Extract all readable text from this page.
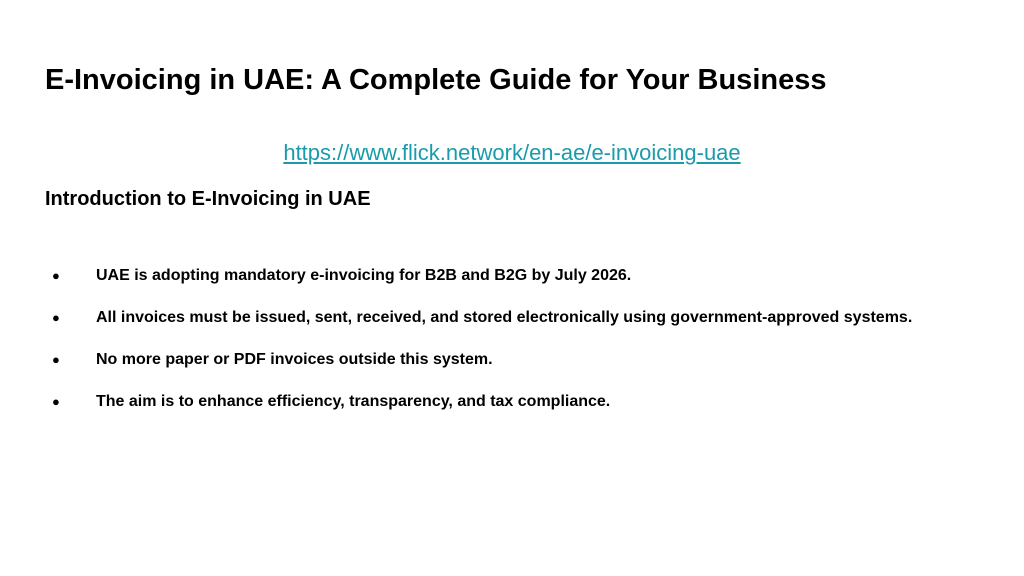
E-Invoicing in UAE: A Complete Guide for Your Business
https://www.flick.network/en-ae/e-invoicing-uae
Introduction to E-Invoicing in UAE
● UAE is adopting mandatory e-invoicing for B2B and B2G by July 2026.
● All invoices must be issued, sent, received, and stored electronically using government-approved systems.
● No more paper or PDF invoices outside this system.
● The aim is to enhance efficiency, transparency, and tax compliance.
